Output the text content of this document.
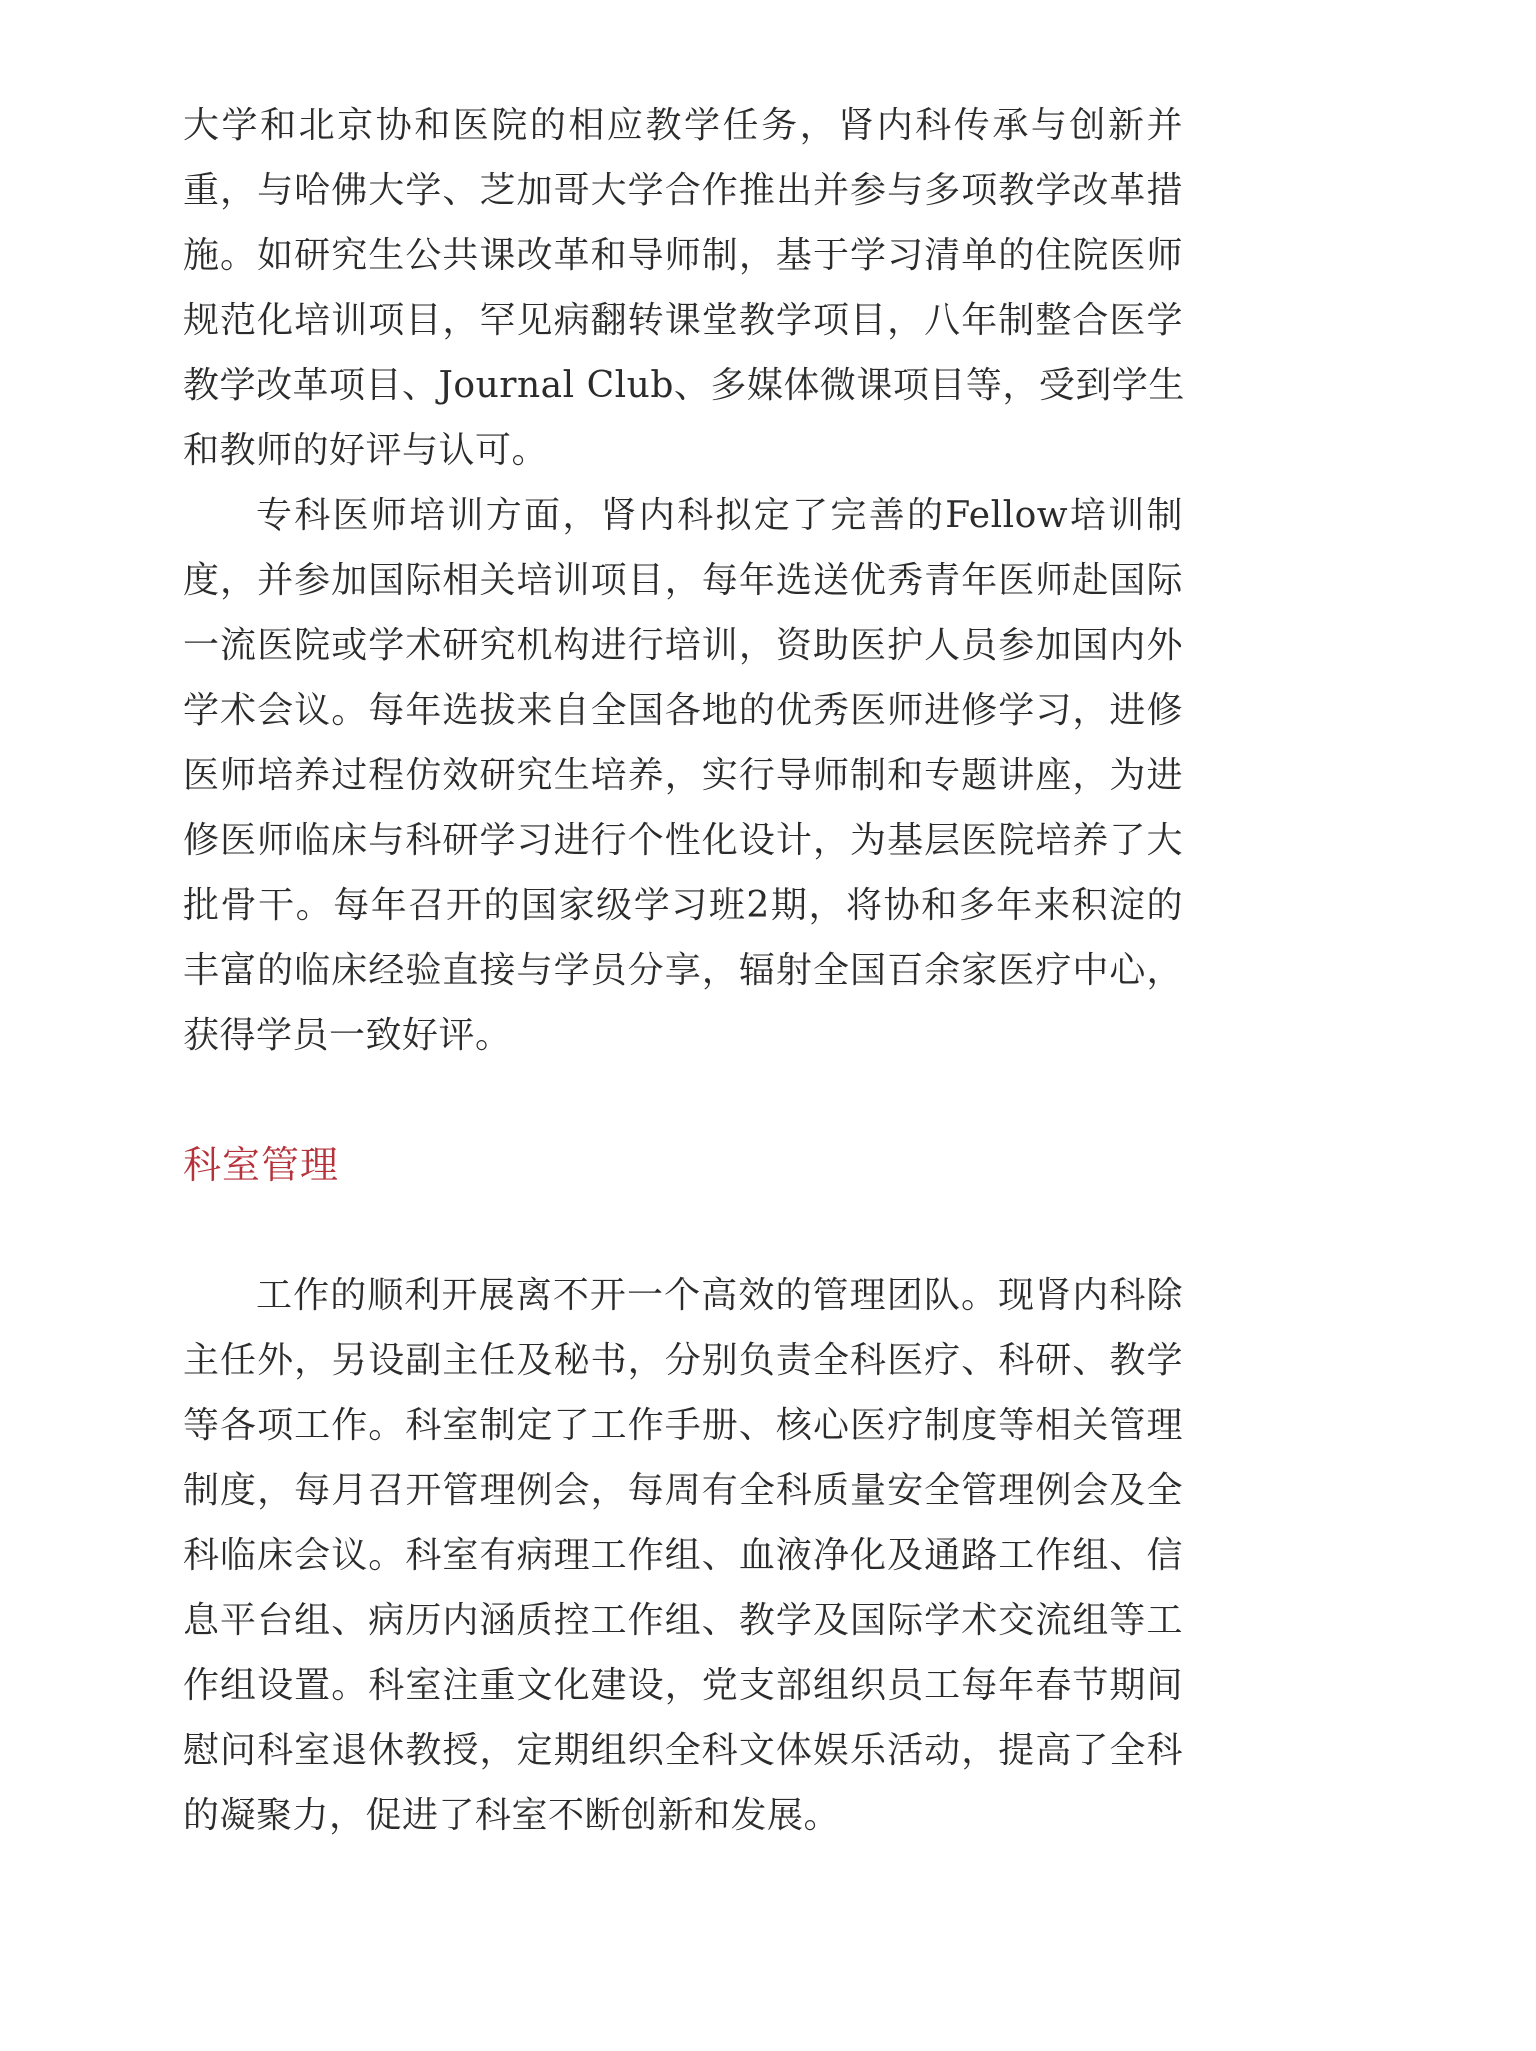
大学和北京协和医院的相应教学任务，肾内科传承与创新并
重，与哈佛大学、芝加哥大学合作推出并参与多项教学改革措
施。如研究生公共课改革和导师制，基于学习清单的住院医师
规范化培训项目，罕见病翻转课堂教学项目，八年制整合医学
教学改革项目、Journal Club、多媒体微课项目等，受到学生
和教师的好评与认可。
专科医师培训方面，肾内科拟定了完善的Fellow培训制
度，并参加国际相关培训项目，每年选送优秀青年医师赴国际
一流医院或学术研究机构进行培训，资助医护人员参加国内外
学术会议。每年选拔来自全国各地的优秀医师进修学习，进修
医师培养过程仿效研究生培养，实行导师制和专题讲座，为进
修医师临床与科研学习进行个性化设计，为基层医院培养了大
批骨干。每年召开的国家级学习班2期，将协和多年来积淀的
丰富的临床经验直接与学员分享，辐射全国百余家医疗中心，
获得学员一致好评。
科室管理
工作的顺利开展离不开一个高效的管理团队。现肾内科除
主任外，另设副主任及秘书，分别负责全科医疗、科研、教学
等各项工作。科室制定了工作手册、核心医疗制度等相关管理
制度，每月召开管理例会，每周有全科质量安全管理例会及全
科临床会议。科室有病理工作组、血液净化及通路工作组、信
息平台组、病历内涵质控工作组、教学及国际学术交流组等工
作组设置。科室注重文化建设，党支部组织员工每年春节期间
慰问科室退休教授，定期组织全科文体娱乐活动，提高了全科
的凝聚力，促进了科室不断创新和发展。
